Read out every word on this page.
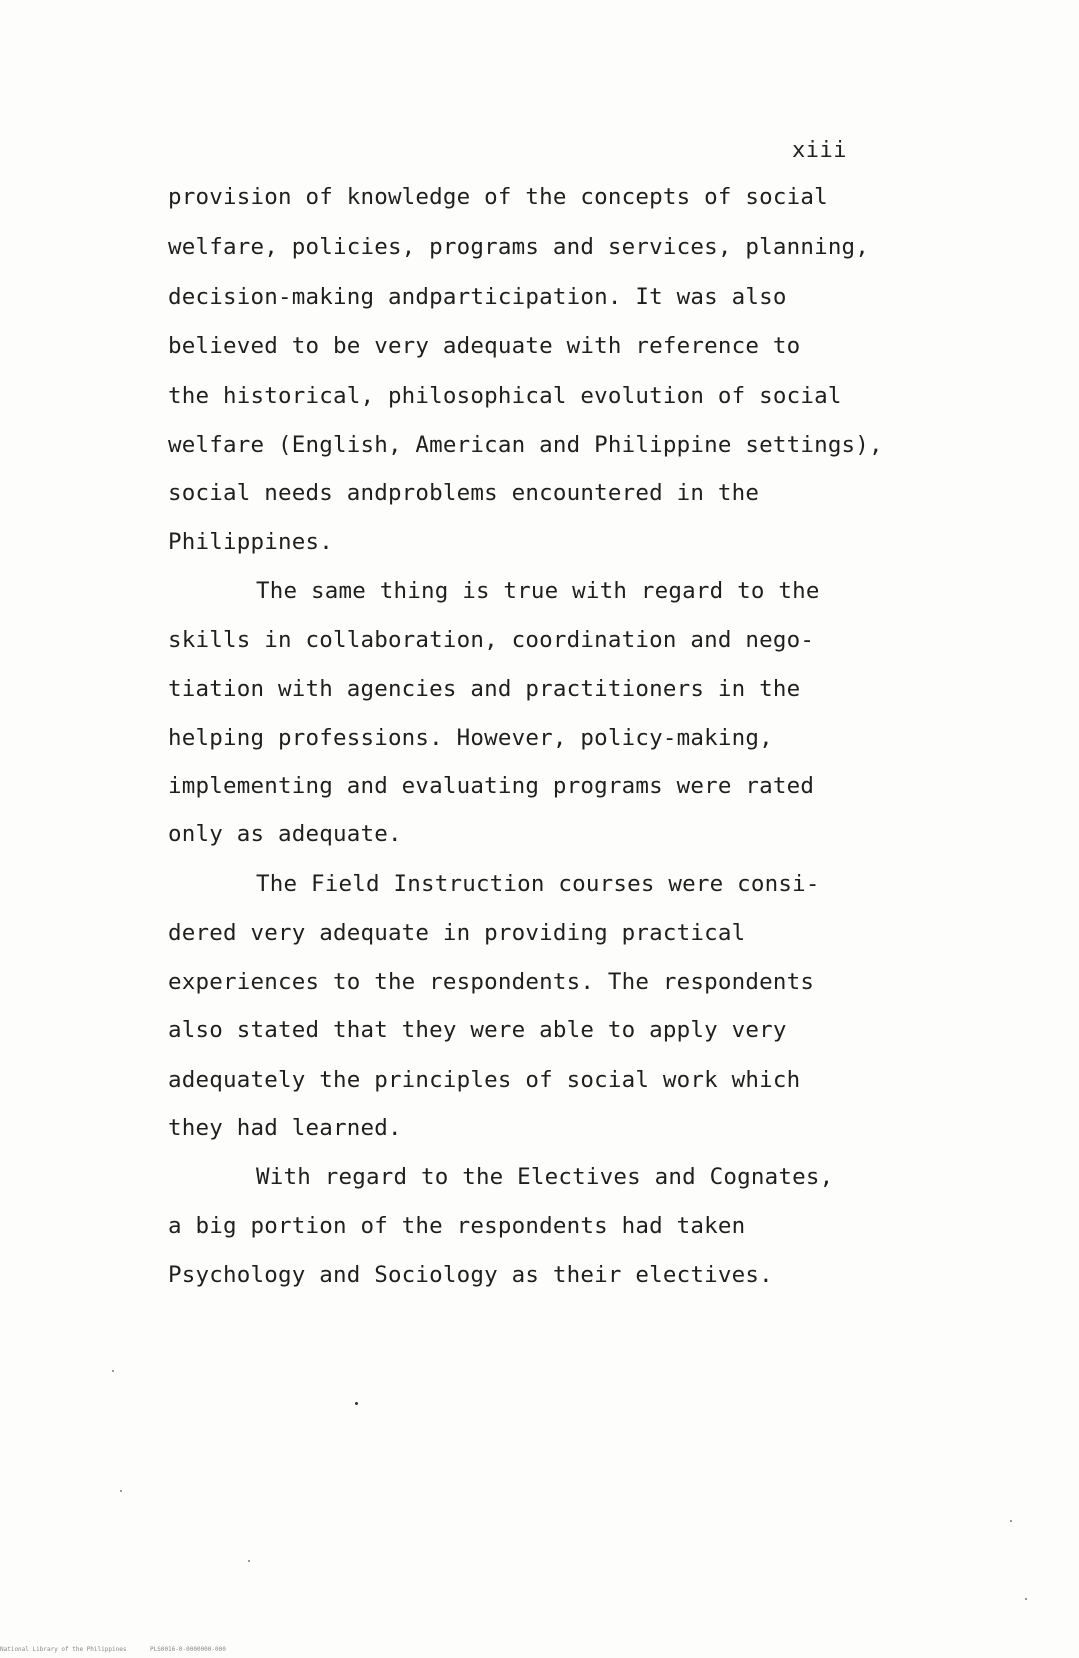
xiii
provision of knowledge of the concepts of social
welfare, policies, programs and services, planning,
decision-making andparticipation. It was also
believed to be very adequate with reference to
the historical, philosophical evolution of social
welfare (English, American and Philippine settings),
social needs andproblems encountered in the
Philippines.
The same thing is true with regard to the
skills in collaboration, coordination and nego-
tiation with agencies and practitioners in the
helping professions. However, policy-making,
implementing and evaluating programs were rated
only as adequate.
The Field Instruction courses were consi-
dered very adequate in providing practical
experiences to the respondents. The respondents
also stated that they were able to apply very
adequately the principles of social work which
they had learned.
With regard to the Electives and Cognates,
a big portion of the respondents had taken
Psychology and Sociology as their electives.
National Library of the Philippines	PLS0016-0-0000000-000
